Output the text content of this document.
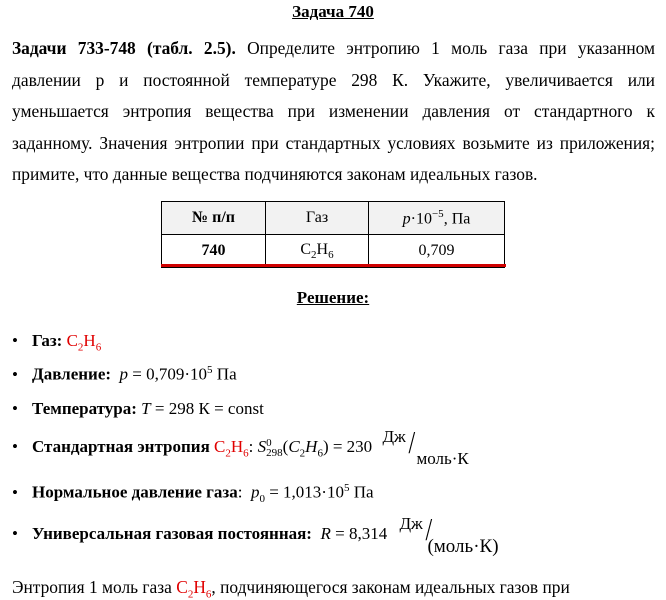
Задача 740

Задачи 733-748 (табл. 2.5). Определите энтропию 1 моль газа при указанном давлении p и постоянной температуре 298 К. Укажите, увеличивается или уменьшается энтропия вещества при изменении давления от стандартного к заданному. Значения энтропии при стандартных условиях возьмите из приложения; примите, что данные вещества подчиняются законам идеальных газов.

№ п/п	Газ	$p\cdot 10^{-5}$, Па
740	$C_2H_6$	0,709
Решение:
• Газ: $C_2H_6$
• Давление: $p = 0,709\cdot 10^5$ Па
• Температура: T = 298 К = const
• Стандартная энтропия $C_2H_6$: S0
$298(C_2H_6) = 230$
Дж / моль·К
• Нормальное давление газа:  $p_0 = 1,013\cdot 10^5$ Па
• Универсальная газовая постоянная: R = 8,314
Дж /
(моль·К)
Энтропия 1 моль газа $C_2H_6$, подчиняющегося законам идеальных газов при
